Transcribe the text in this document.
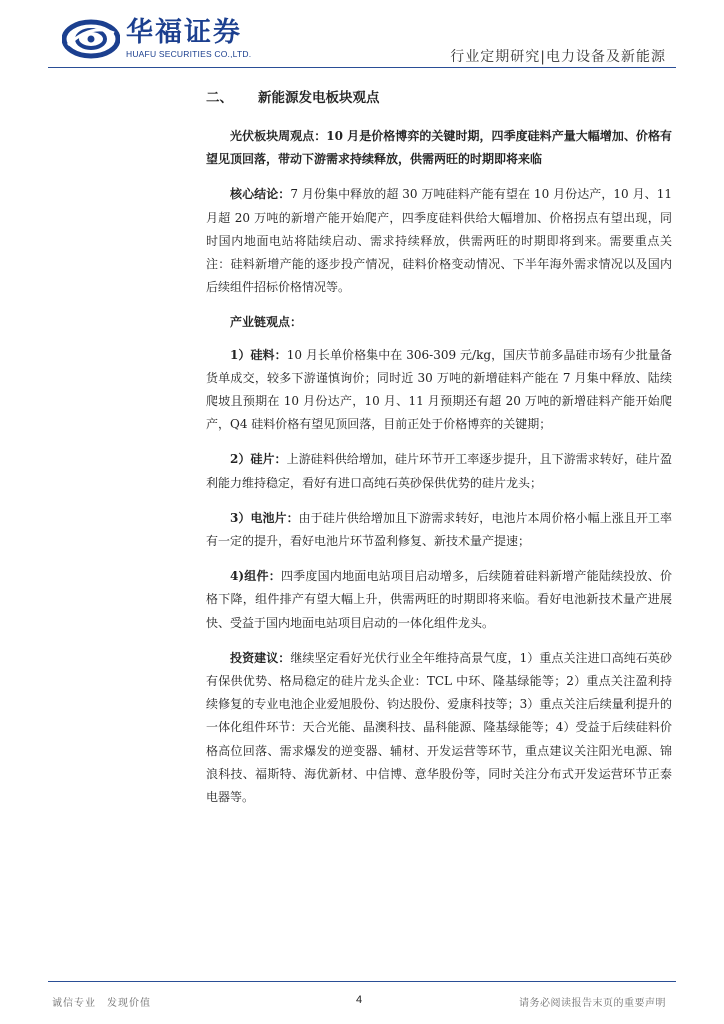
华福证券
HUAFU SECURITIES CO.,LTD.	行业定期研究|电力设备及新能源
二、 新能源发电板块观点

光伏板块周观点：10 月是价格博弈的关键时期，四季度硅料产量大幅增加、价格有望见顶回落，带动下游需求持续释放，供需两旺的时期即将来临

核心结论：7 月份集中释放的超 30 万吨硅料产能有望在 10 月份达产，10 月、11 月超 20 万吨的新增产能开始爬产，四季度硅料供给大幅增加、价格拐点有望出现，同时国内地面电站将陆续启动、需求持续释放，供需两旺的时期即将到来。需要重点关注：硅料新增产能的逐步投产情况，硅料价格变动情况、下半年海外需求情况以及国内后续组件招标价格情况等。

产业链观点：

1）硅料：10 月长单价格集中在 306-309 元/kg，国庆节前多晶硅市场有少批量备货单成交，较多下游谨慎询价；同时近 30 万吨的新增硅料产能在 7 月集中释放、陆续爬坡且预期在 10 月份达产，10 月、11 月预期还有超 20 万吨的新增硅料产能开始爬产，Q4 硅料价格有望见顶回落，目前正处于价格博弈的关键期；

2）硅片：上游硅料供给增加，硅片环节开工率逐步提升，且下游需求转好，硅片盈利能力维持稳定，看好有进口高纯石英砂保供优势的硅片龙头；

3）电池片：由于硅片供给增加且下游需求转好，电池片本周价格小幅上涨且开工率有一定的提升，看好电池片环节盈利修复、新技术量产提速；

4)组件：四季度国内地面电站项目启动增多，后续随着硅料新增产能陆续投放、价格下降，组件排产有望大幅上升，供需两旺的时期即将来临。看好电池新技术量产进展快、受益于国内地面电站项目启动的一体化组件龙头。

投资建议：继续坚定看好光伏行业全年维持高景气度，1）重点关注进口高纯石英砂有保供优势、格局稳定的硅片龙头企业：TCL 中环、隆基绿能等；2）重点关注盈利持续修复的专业电池企业爱旭股份、钧达股份、爱康科技等；3）重点关注后续量利提升的一体化组件环节：天合光能、晶澳科技、晶科能源、隆基绿能等；4）受益于后续硅料价格高位回落、需求爆发的逆变器、辅材、开发运营等环节，重点建议关注阳光电源、锦浪科技、福斯特、海优新材、中信博、意华股份等，同时关注分布式开发运营环节正泰电器等。

诚信专业　发现价值	4	请务必阅读报告末页的重要声明
